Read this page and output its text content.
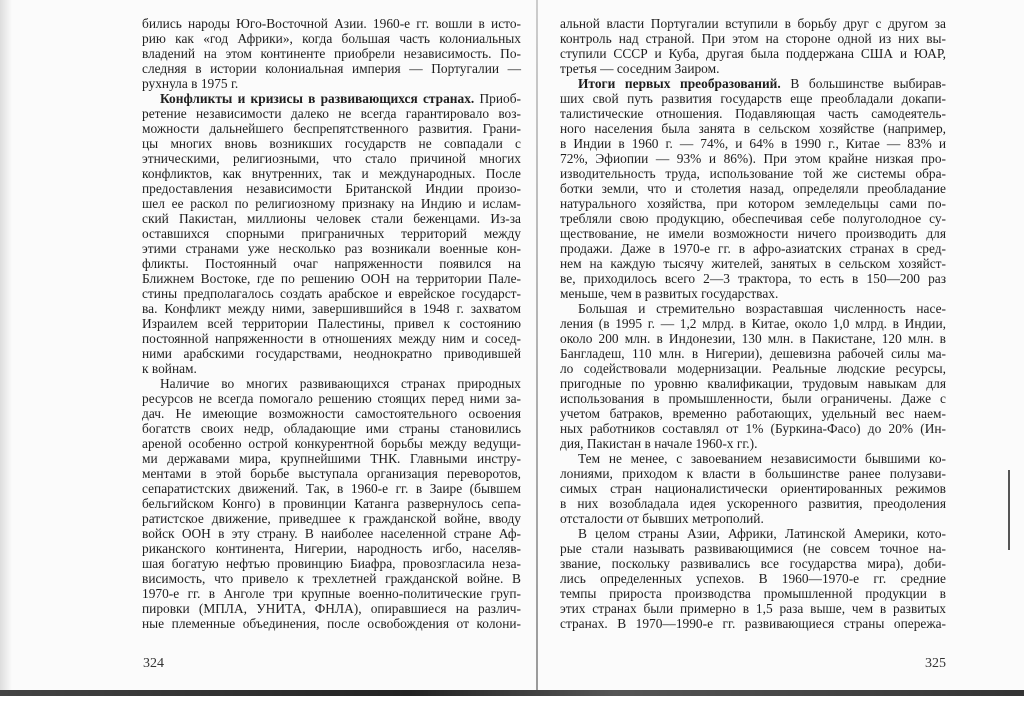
бились народы Юго-Восточной Азии. 1960-е гг. вошли в исто-
рию как «год Африки», когда большая часть колониальных
владений на этом континенте приобрели независимость. По-
следняя в истории колониальная империя — Португалии —
рухнула в 1975 г.
Конфликты и кризисы в развивающихся странах. Приоб-
ретение независимости далеко не всегда гарантировало воз-
можности дальнейшего беспрепятственного развития. Грани-
цы многих вновь возникших государств не совпадали с
этническими, религиозными, что стало причиной многих
конфликтов, как внутренних, так и международных. После
предоставления независимости Британской Индии произо-
шел ее раскол по религиозному признаку на Индию и ислам-
ский Пакистан, миллионы человек стали беженцами. Из-за
оставшихся спорными приграничных территорий между
этими странами уже несколько раз возникали военные кон-
фликты. Постоянный очаг напряженности появился на
Ближнем Востоке, где по решению ООН на территории Пале-
стины предполагалось создать арабское и еврейское государст-
ва. Конфликт между ними, завершившийся в 1948 г. захватом
Израилем всей территории Палестины, привел к состоянию
постоянной напряженности в отношениях между ним и сосед-
ними арабскими государствами, неоднократно приводившей
к войнам.
Наличие во многих развивающихся странах природных
ресурсов не всегда помогало решению стоящих перед ними за-
дач. Не имеющие возможности самостоятельного освоения
богатств своих недр, обладающие ими страны становились
ареной особенно острой конкурентной борьбы между ведущи-
ми державами мира, крупнейшими ТНК. Главными инстру-
ментами в этой борьбе выступала организация переворотов,
сепаратистских движений. Так, в 1960-е гг. в Заире (бывшем
бельгийском Конго) в провинции Катанга развернулось сепа-
ратистское движение, приведшее к гражданской войне, вводу
войск ООН в эту страну. В наиболее населенной стране Аф-
риканского континента, Нигерии, народность игбо, населяв-
шая богатую нефтью провинцию Биафра, провозгласила неза-
висимость, что привело к трехлетней гражданской войне. В
1970-е гг. в Анголе три крупные военно-политические груп-
пировки (МПЛА, УНИТА, ФНЛА), опиравшиеся на различ-
ные племенные объединения, после освобождения от колони-
альной власти Португалии вступили в борьбу друг с другом за
контроль над страной. При этом на стороне одной из них вы-
ступили СССР и Куба, другая была поддержана США и ЮАР,
третья — соседним Заиром.
Итоги первых преобразований. В большинстве выбирав-
ших свой путь развития государств еще преобладали докапи-
талистические отношения. Подавляющая часть самодеятель-
ного населения была занята в сельском хозяйстве (например,
в Индии в 1960 г. — 74%, и 64% в 1990 г., Китае — 83% и
72%, Эфиопии — 93% и 86%). При этом крайне низкая про-
изводительность труда, использование той же системы обра-
ботки земли, что и столетия назад, определяли преобладание
натурального хозяйства, при котором земледельцы сами по-
требляли свою продукцию, обеспечивая себе полуголодное су-
ществование, не имели возможности ничего производить для
продажи. Даже в 1970-е гг. в афро-азиатских странах в сред-
нем на каждую тысячу жителей, занятых в сельском хозяйст-
ве, приходилось всего 2—3 трактора, то есть в 150—200 раз
меньше, чем в развитых государствах.
Большая и стремительно возраставшая численность насе-
ления (в 1995 г. — 1,2 млрд. в Китае, около 1,0 млрд. в Индии,
около 200 млн. в Индонезии, 130 млн. в Пакистане, 120 млн. в
Бангладеш, 110 млн. в Нигерии), дешевизна рабочей силы ма-
ло содействовали модернизации. Реальные людские ресурсы,
пригодные по уровню квалификации, трудовым навыкам для
использования в промышленности, были ограничены. Даже с
учетом батраков, временно работающих, удельный вес наем-
ных работников составлял от 1% (Буркина-Фасо) до 20% (Ин-
дия, Пакистан в начале 1960-х гг.).
Тем не менее, с завоеванием независимости бывшими ко-
лониями, приходом к власти в большинстве ранее полузави-
симых стран националистически ориентированных режимов
в них возобладала идея ускоренного развития, преодоления
отсталости от бывших метрополий.
В целом страны Азии, Африки, Латинской Америки, кото-
рые стали называть развивающимися (не совсем точное на-
звание, поскольку развивались все государства мира), доби-
лись определенных успехов. В 1960—1970-е гг. средние
темпы прироста производства промышленной продукции в
этих странах были примерно в 1,5 раза выше, чем в развитых
странах. В 1970—1990-е гг. развивающиеся страны опережа-
324	325
